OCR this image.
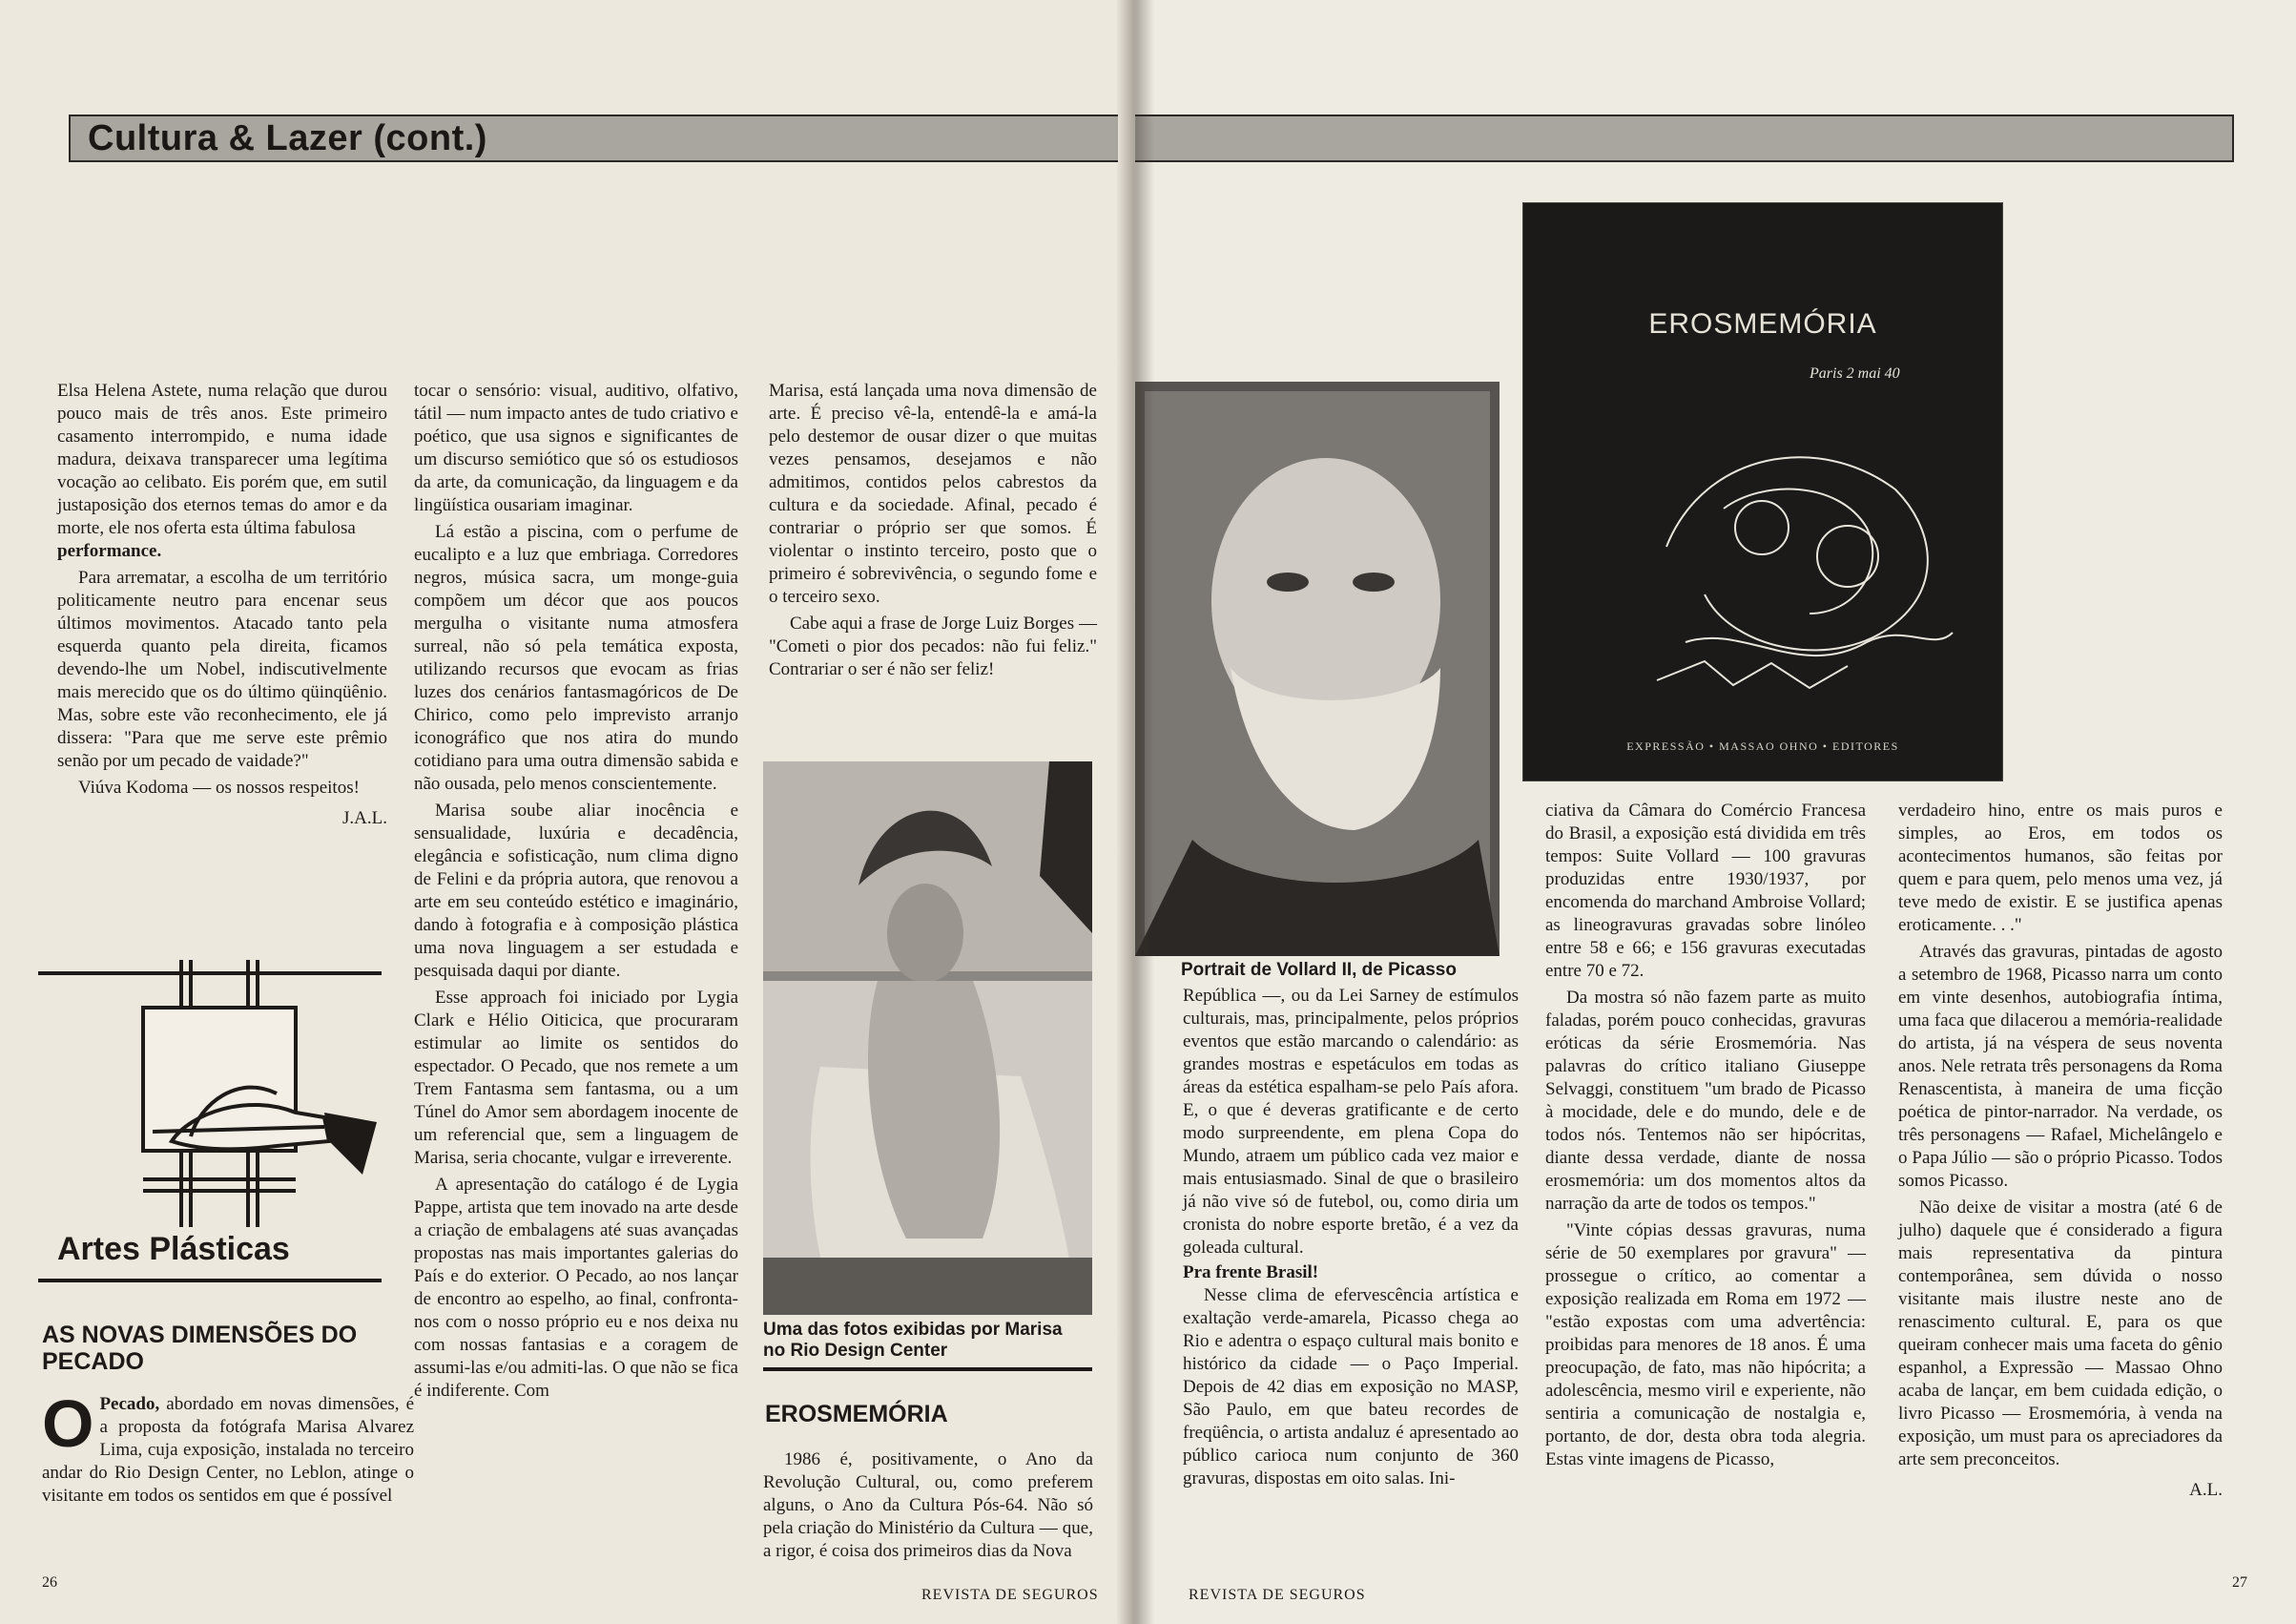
Cultura & Lazer (cont.)

Elsa Helena Astete, numa relação que durou pouco mais de três anos. Este primeiro casamento interrompido, e numa idade madura, deixava transparecer uma legítima vocação ao celibato. Eis porém que, em sutil justaposição dos eternos temas do amor e da morte, ele nos oferta esta última fabulosa

performance.

Para arrematar, a escolha de um território politicamente neutro para encenar seus últimos movimentos. Atacado tanto pela esquerda quanto pela direita, ficamos devendo-lhe um Nobel, indiscutivelmente mais merecido que os do último qüinqüênio. Mas, sobre este vão reconhecimento, ele já dissera: "Para que me serve este prêmio senão por um pecado de vaidade?"

Viúva Kodoma — os nossos respeitos!

J.A.L.
Artes Plásticas
AS NOVAS DIMENSÕES DO PECADO
O Pecado, abordado em novas dimensões, é a proposta da fotógrafa Marisa Alvarez Lima, cuja exposição, instalada no terceiro andar do Rio Design Center, no Leblon, atinge o visitante em todos os sentidos em que é possível

tocar o sensório: visual, auditivo, olfativo, tátil — num impacto antes de tudo criativo e poético, que usa signos e significantes de um discurso semiótico que só os estudiosos da arte, da comunicação, da linguagem e da lingüística ousariam imaginar.

Lá estão a piscina, com o perfume de eucalipto e a luz que embriaga. Corredores negros, música sacra, um monge-guia compõem um décor que aos poucos mergulha o visitante numa atmosfera surreal, não só pela temática exposta, utilizando recursos que evocam as frias luzes dos cenários fantasmagóricos de De Chirico, como pelo imprevisto arranjo iconográfico que nos atira do mundo cotidiano para uma outra dimensão sabida e não ousada, pelo menos conscientemente.

Marisa soube aliar inocência e sensualidade, luxúria e decadência, elegância e sofisticação, num clima digno de Felini e da própria autora, que renovou a arte em seu conteúdo estético e imaginário, dando à fotografia e à composição plástica uma nova linguagem a ser estudada e pesquisada daqui por diante.

Esse approach foi iniciado por Lygia Clark e Hélio Oiticica, que procuraram estimular ao limite os sentidos do espectador. O Pecado, que nos remete a um Trem Fantasma sem fantasma, ou a um Túnel do Amor sem abordagem inocente de um referencial que, sem a linguagem de Marisa, seria chocante, vulgar e irreverente.

A apresentação do catálogo é de Lygia Pappe, artista que tem inovado na arte desde a criação de embalagens até suas avançadas propostas nas mais importantes galerias do País e do exterior. O Pecado, ao nos lançar de encontro ao espelho, ao final, confronta-nos com o nosso próprio eu e nos deixa nu com nossas fantasias e a coragem de assumi-las e/ou admiti-las. O que não se fica é indiferente. Com

Marisa, está lançada uma nova dimensão de arte. É preciso vê-la, entendê-la e amá-la pelo destemor de ousar dizer o que muitas vezes pensamos, desejamos e não admitimos, contidos pelos cabrestos da cultura e da sociedade. Afinal, pecado é contrariar o próprio ser que somos. É violentar o instinto terceiro, posto que o primeiro é sobrevivência, o segundo fome e o terceiro sexo.

Cabe aqui a frase de Jorge Luiz Borges — "Cometi o pior dos pecados: não fui feliz." Contrariar o ser é não ser feliz!

Uma das fotos exibidas por Marisa no Rio Design Center
EROSMEMÓRIA

1986 é, positivamente, o Ano da Revolução Cultural, ou, como preferem alguns, o Ano da Cultura Pós-64. Não só pela criação do Ministério da Cultura — que, a rigor, é coisa dos primeiros dias da Nova

26
REVISTA DE SEGUROS
Portrait de Vollard II, de Picasso

República —, ou da Lei Sarney de estímulos culturais, mas, principalmente, pelos próprios eventos que estão marcando o calendário: as grandes mostras e espetáculos em todas as áreas da estética espalham-se pelo País afora. E, o que é deveras gratificante e de certo modo surpreendente, em plena Copa do Mundo, atraem um público cada vez maior e mais entusiasmado. Sinal de que o brasileiro já não vive só de futebol, ou, como diria um cronista do nobre esporte bretão, é a vez da goleada cultural.

Pra frente Brasil!

Nesse clima de efervescência artística e exaltação verde-amarela, Picasso chega ao Rio e adentra o espaço cultural mais bonito e histórico da cidade — o Paço Imperial. Depois de 42 dias em exposição no MASP, São Paulo, em que bateu recordes de freqüência, o artista andaluz é apresentado ao público carioca num conjunto de 360 gravuras, dispostas em oito salas. Ini-

EROSMEMÓRIA
Paris 2 mai 40
EXPRESSÃO • MASSAO OHNO • EDITORES

ciativa da Câmara do Comércio Francesa do Brasil, a exposição está dividida em três tempos: Suite Vollard — 100 gravuras produzidas entre 1930/1937, por encomenda do marchand Ambroise Vollard; as lineogravuras gravadas sobre linóleo entre 58 e 66; e 156 gravuras executadas entre 70 e 72.

Da mostra só não fazem parte as muito faladas, porém pouco conhecidas, gravuras eróticas da série Erosmemória. Nas palavras do crítico italiano Giuseppe Selvaggi, constituem "um brado de Picasso à mocidade, dele e do mundo, dele e de todos nós. Tentemos não ser hipócritas, diante dessa verdade, diante de nossa erosmemória: um dos momentos altos da narração da arte de todos os tempos."

"Vinte cópias dessas gravuras, numa série de 50 exemplares por gravura" — prossegue o crítico, ao comentar a exposição realizada em Roma em 1972 — "estão expostas com uma advertência: proibidas para menores de 18 anos. É uma preocupação, de fato, mas não hipócrita; a adolescência, mesmo viril e experiente, não sentiria a comunicação de nostalgia e, portanto, de dor, desta obra toda alegria. Estas vinte imagens de Picasso,

verdadeiro hino, entre os mais puros e simples, ao Eros, em todos os acontecimentos humanos, são feitas por quem e para quem, pelo menos uma vez, já teve medo de existir. E se justifica apenas eroticamente. . ."

Através das gravuras, pintadas de agosto a setembro de 1968, Picasso narra um conto em vinte desenhos, autobiografia íntima, uma faca que dilacerou a memória-realidade do artista, já na véspera de seus noventa anos. Nele retrata três personagens da Roma Renascentista, à maneira de uma ficção poética de pintor-narrador. Na verdade, os três personagens — Rafael, Michelângelo e o Papa Júlio — são o próprio Picasso. Todos somos Picasso.

Não deixe de visitar a mostra (até 6 de julho) daquele que é considerado a figura mais representativa da pintura contemporânea, sem dúvida o nosso visitante mais ilustre neste ano de renascimento cultural. E, para os que queiram conhecer mais uma faceta do gênio espanhol, a Expressão — Massao Ohno acaba de lançar, em bem cuidada edição, o livro Picasso — Erosmemória, à venda na exposição, um must para os apreciadores da arte sem preconceitos.

A.L.
REVISTA DE SEGUROS
27
